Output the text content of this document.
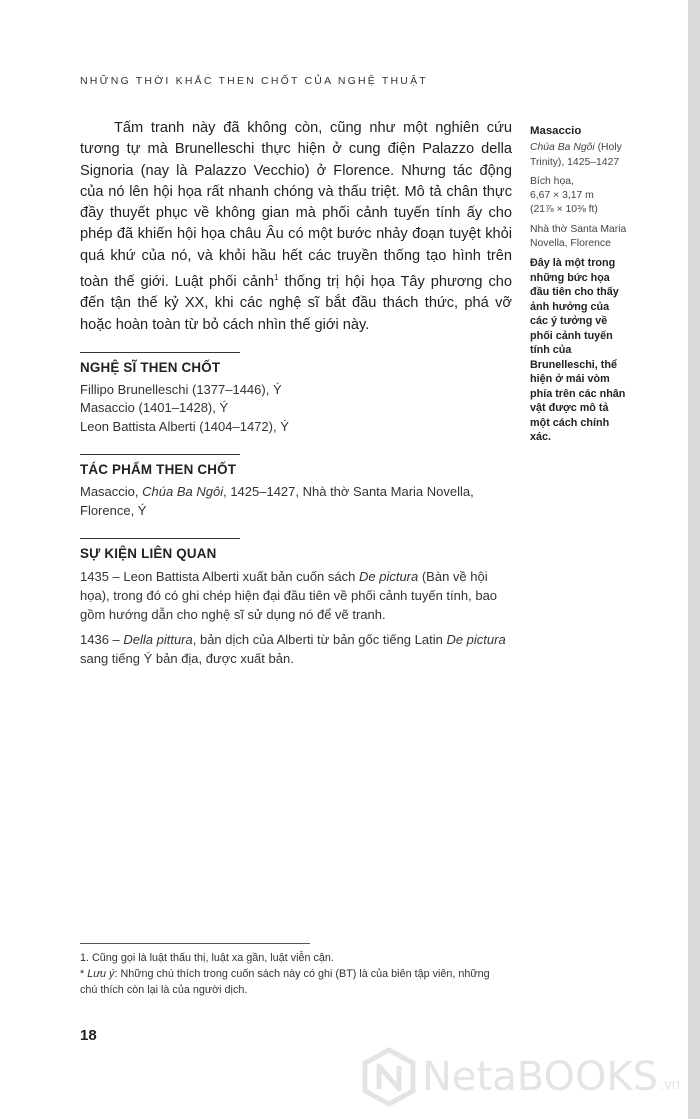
NHỮNG THỜI KHẮC THEN CHỐT CỦA NGHỆ THUẬT

Tấm tranh này đã không còn, cũng như một nghiên cứu tương tự mà Brunelleschi thực hiện ở cung điện Palazzo della Signoria (nay là Palazzo Vecchio) ở Florence. Nhưng tác động của nó lên hội họa rất nhanh chóng và thấu triệt. Mô tả chân thực đầy thuyết phục về không gian mà phối cảnh tuyến tính ấy cho phép đã khiến hội họa châu Âu có một bước nhảy đoạn tuyệt khỏi quá khứ của nó, và khỏi hầu hết các truyền thống tạo hình trên toàn thế giới. Luật phối cảnh$^1$ thống trị hội họa Tây phương cho đến tận thế kỷ XX, khi các nghệ sĩ bắt đầu thách thức, phá vỡ hoặc hoàn toàn từ bỏ cách nhìn thế giới này.

NGHỆ SĨ THEN CHỐT
Fillipo Brunelleschi (1377–1446), Ý
Masaccio (1401–1428), Ý
Leon Battista Alberti (1404–1472), Ý
TÁC PHẨM THEN CHỐT
Masaccio, Chúa Ba Ngôi, 1425–1427, Nhà thờ Santa Maria Novella, Florence, Ý
SỰ KIỆN LIÊN QUAN
1435 – Leon Battista Alberti xuất bản cuốn sách De pictura (Bàn về hội họa), trong đó có ghi chép hiện đại đầu tiên về phối cảnh tuyến tính, bao gồm hướng dẫn cho nghệ sĩ sử dụng nó để vẽ tranh.
1436 – Della pittura, bản dịch của Alberti từ bản gốc tiếng Latin De pictura sang tiếng Ý bản địa, được xuất bản.
Masaccio
Chúa Ba Ngôi (Holy Trinity), 1425–1427
Bích họa,
6,67 × 3,17 m
(21⅞ × 10⅜ ft)
Nhà thờ Santa Maria Novella, Florence
Đây là một trong những bức họa đầu tiên cho thấy ảnh hưởng của các ý tưởng về phối cảnh tuyến tính của Brunelleschi, thể hiện ở mái vòm phía trên các nhân vật được mô tả một cách chính xác.
1. Cũng gọi là luật thấu thị, luật xa gần, luật viễn cận.
* Lưu ý: Những chú thích trong cuốn sách này có ghi (BT) là của biên tập viên, những chú thích còn lại là của người dịch.
18
NetaBOOKS .vn
